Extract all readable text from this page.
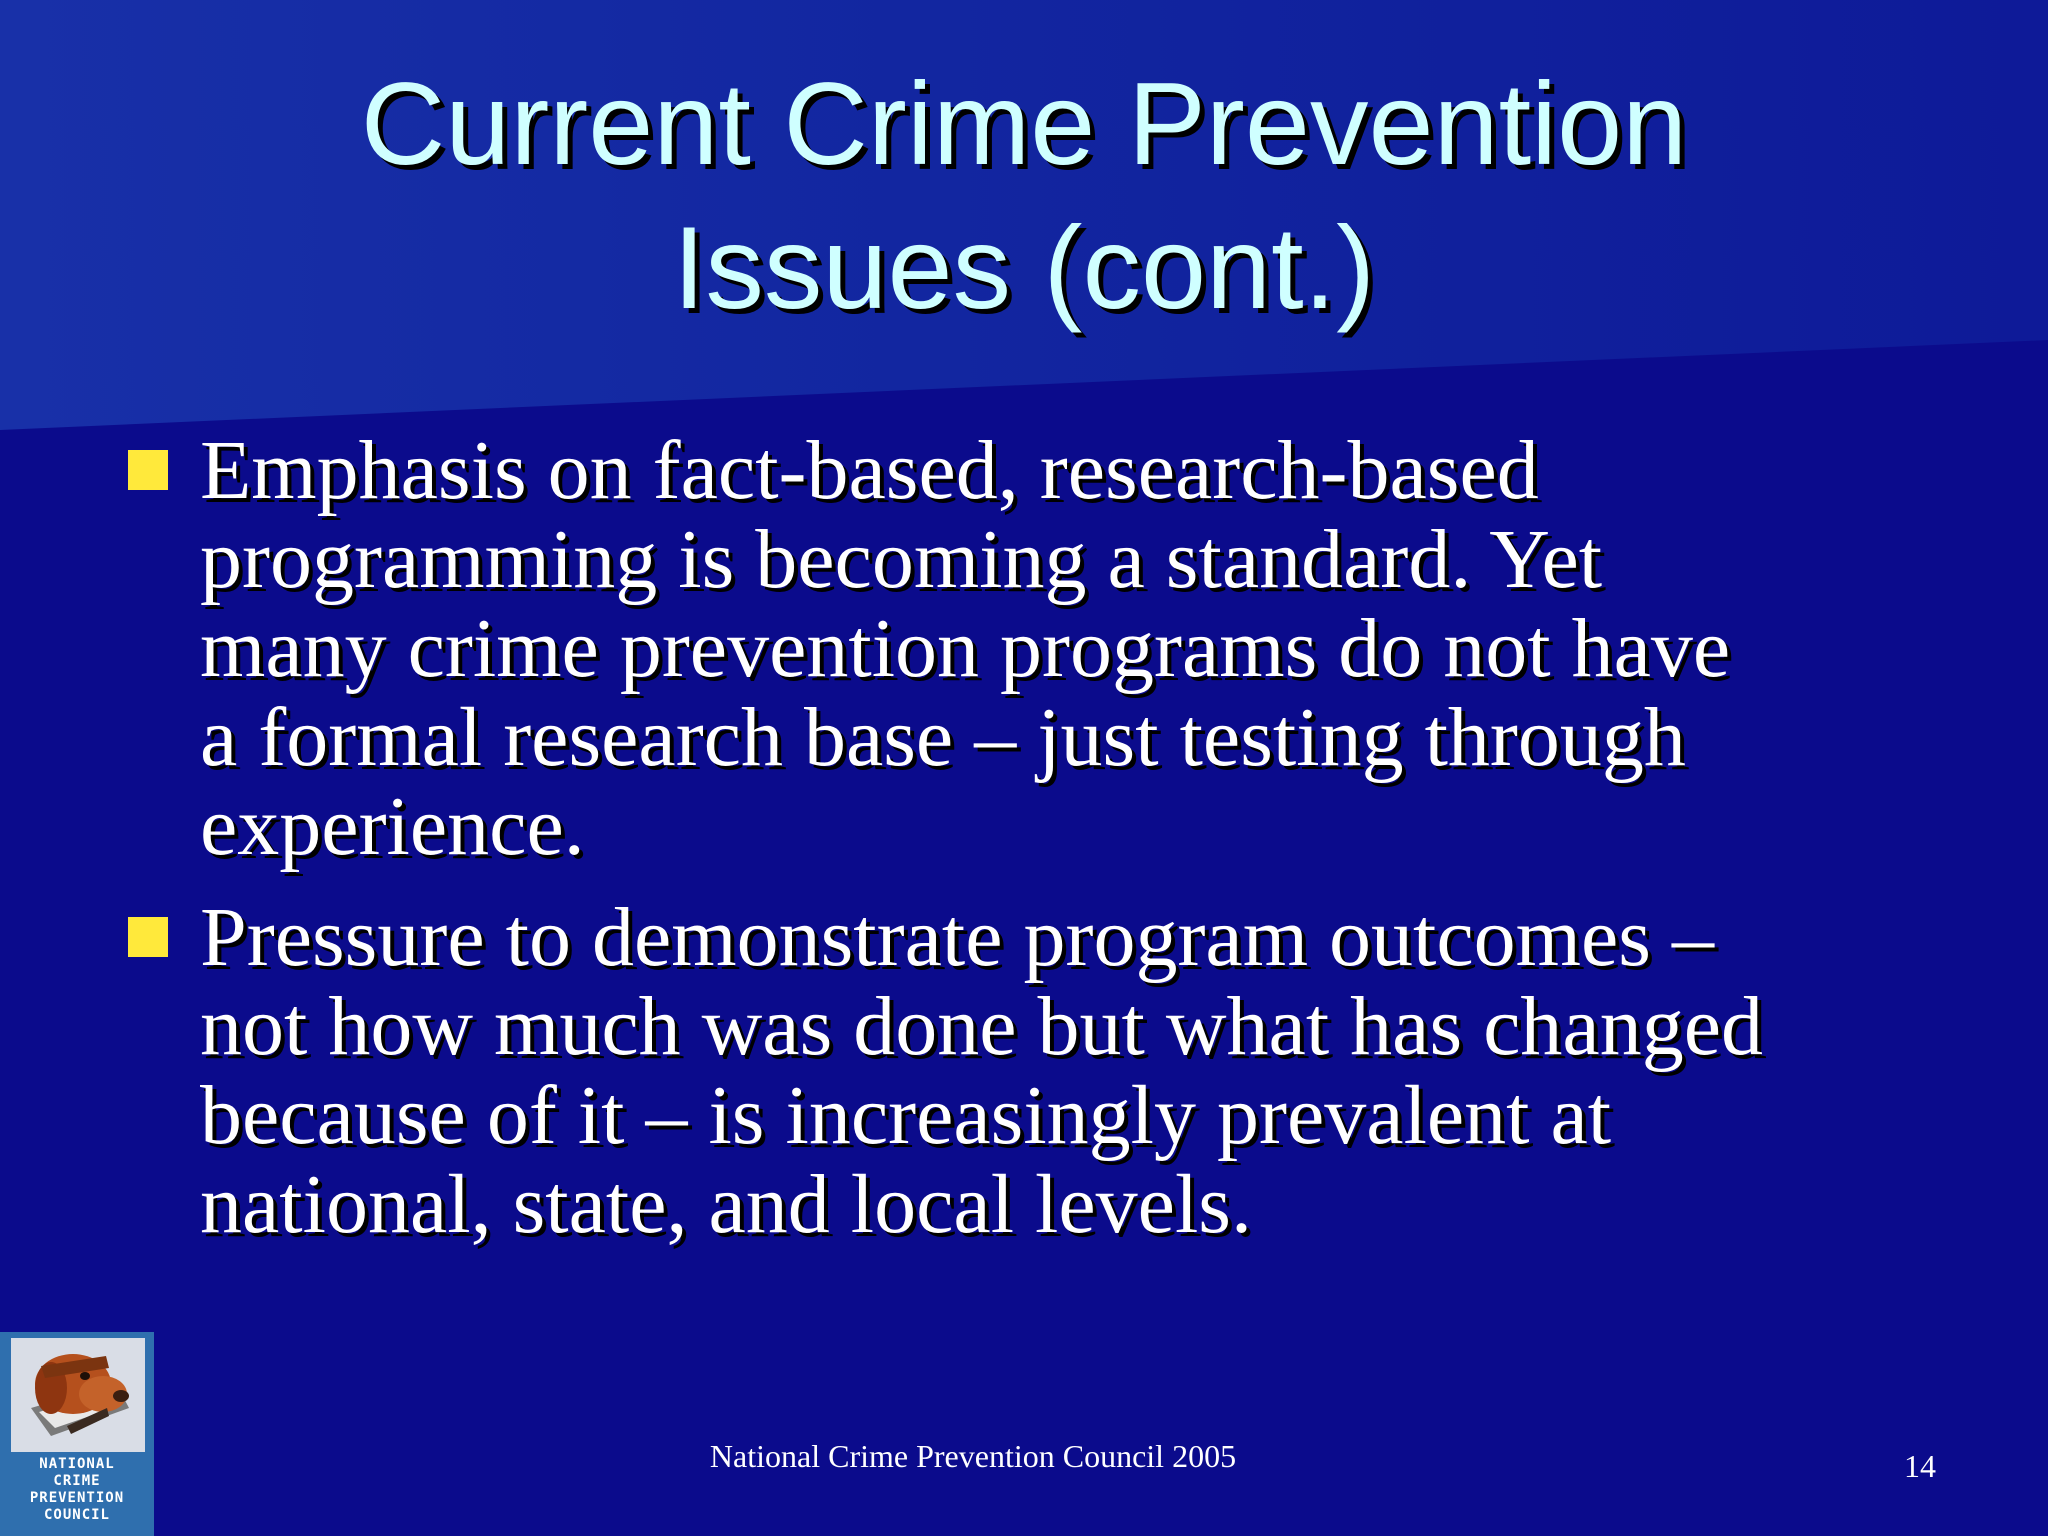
Current Crime Prevention
Issues (cont.)
Emphasis on fact-based, research-based
programming is becoming a standard. Yet
many crime prevention programs do not have
a formal research base – just testing through
experience.
Pressure to demonstrate program outcomes –
not how much was done but what has changed
because of it – is increasingly prevalent at
national, state, and local levels.
NATIONAL
CRIME
PREVENTION
COUNCIL
National Crime Prevention Council 2005	14
